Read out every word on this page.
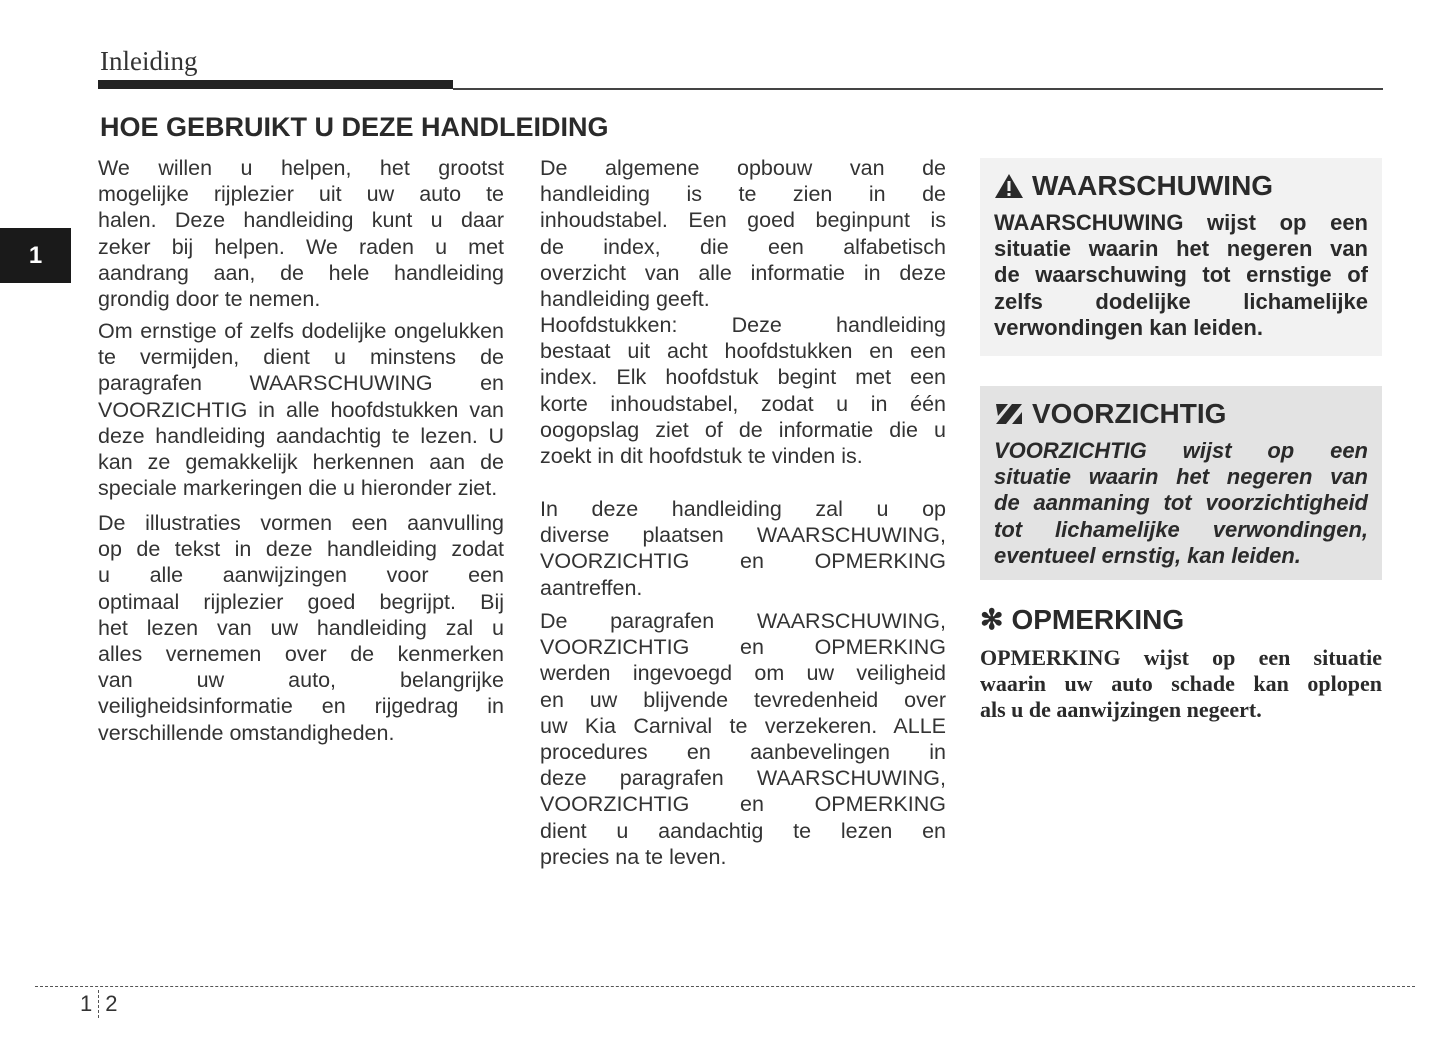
Inleiding
HOE GEBRUIKT U DEZE HANDLEIDING
1
We willen u helpen, het grootst
mogelijke rijplezier uit uw auto te
halen. Deze handleiding kunt u daar
zeker bij helpen. We raden u met
aandrang aan, de hele handleiding
grondig door te nemen.
Om ernstige of zelfs dodelijke ongelukken
te vermijden, dient u minstens de
paragrafen WAARSCHUWING en
VOORZICHTIG in alle hoofdstukken van
deze handleiding aandachtig te lezen. U
kan ze gemakkelijk herkennen aan de
speciale markeringen die u hieronder ziet.
De illustraties vormen een aanvulling
op de tekst in deze handleiding zodat
u alle aanwijzingen voor een
optimaal rijplezier goed begrijpt. Bij
het lezen van uw handleiding zal u
alles vernemen over de kenmerken
van uw auto, belangrijke
veiligheidsinformatie en rijgedrag in
verschillende omstandigheden.
De algemene opbouw van de
handleiding is te zien in de
inhoudstabel. Een goed beginpunt is
de index, die een alfabetisch
overzicht van alle informatie in deze
handleiding geeft.
Hoofdstukken: Deze handleiding
bestaat uit acht hoofdstukken en een
index. Elk hoofdstuk begint met een
korte inhoudstabel, zodat u in één
oogopslag ziet of de informatie die u
zoekt in dit hoofdstuk te vinden is.
In deze handleiding zal u op
diverse plaatsen WAARSCHUWING,
VOORZICHTIG en OPMERKING
aantreffen.
De paragrafen WAARSCHUWING,
VOORZICHTIG en OPMERKING
werden ingevoegd om uw veiligheid
en uw blijvende tevredenheid over
uw Kia Carnival te verzekeren. ALLE
procedures en aanbevelingen in
deze paragrafen WAARSCHUWING,
VOORZICHTIG en OPMERKING
dient u aandachtig te lezen en
precies na te leven.
WAARSCHUWING
WAARSCHUWING wijst op een
situatie waarin het negeren van
de waarschuwing tot ernstige of
zelfs dodelijke lichamelijke
verwondingen kan leiden.
VOORZICHTIG
VOORZICHTIG wijst op een
situatie waarin het negeren van
de aanmaning tot voorzichtigheid
tot lichamelijke verwondingen,
eventueel ernstig, kan leiden.
✻ OPMERKING
OPMERKING wijst op een situatie
waarin uw auto schade kan oplopen
als u de aanwijzingen negeert.
1 2
